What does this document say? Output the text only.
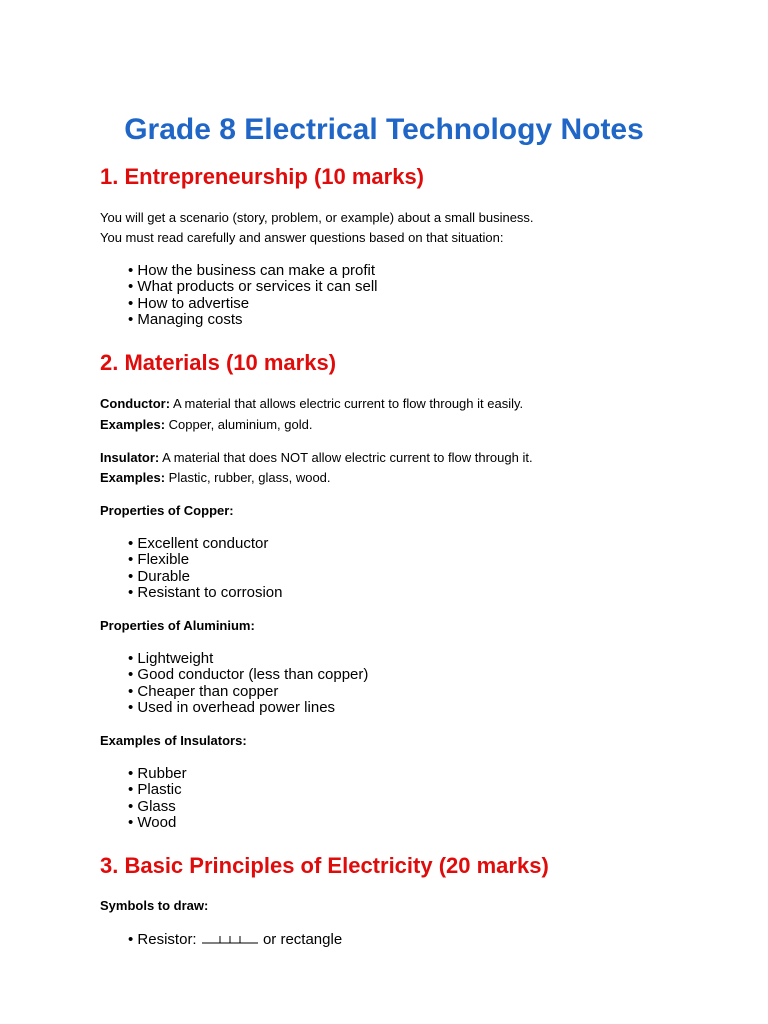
Grade 8 Electrical Technology Notes
1. Entrepreneurship (10 marks)

You will get a scenario (story, problem, or example) about a small business.

You must read carefully and answer questions based on that situation:

• How the business can make a profit
• What products or services it can sell
• How to advertise
• Managing costs
2. Materials (10 marks)

Conductor: A material that allows electric current to flow through it easily.

Examples: Copper, aluminium, gold.

Insulator: A material that does NOT allow electric current to flow through it.

Examples: Plastic, rubber, glass, wood.

Properties of Copper:
• Excellent conductor
• Flexible
• Durable
• Resistant to corrosion
Properties of Aluminium:
• Lightweight
• Good conductor (less than copper)
• Cheaper than copper
• Used in overhead power lines
Examples of Insulators:
• Rubber
• Plastic
• Glass
• Wood
3. Basic Principles of Electricity (20 marks)
Symbols to draw:
• Resistor:	or rectangle
